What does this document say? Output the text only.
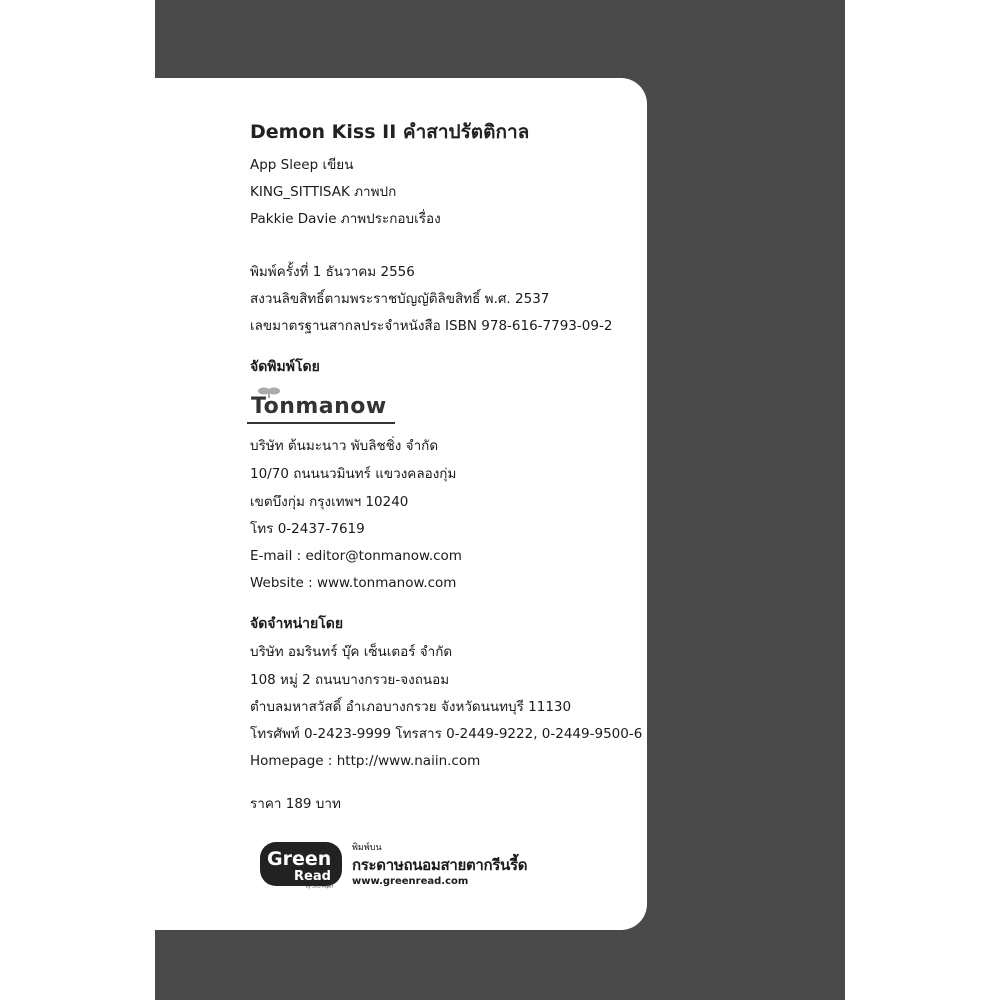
Demon Kiss II คำสาปรัตติกาล
App Sleep เขียน
KING_SITTISAK ภาพปก
Pakkie Davie ภาพประกอบเรื่อง
พิมพ์ครั้งที่ 1 ธันวาคม 2556
สงวนลิขสิทธิ์ตามพระราชบัญญัติลิขสิทธิ์ พ.ศ. 2537
เลขมาตรฐานสากลประจำหนังสือ ISBN 978-616-7793-09-2
จัดพิมพ์โดย
Tonmanow
บริษัท ต้นมะนาว พับลิชชิ่ง จำกัด
10/70 ถนนนวมินทร์ แขวงคลองกุ่ม
เขตบึงกุ่ม กรุงเทพฯ 10240
โทร 0-2437-7619
E-mail : editor@tonmanow.com
Website : www.tonmanow.com
จัดจำหน่ายโดย
บริษัท อมรินทร์ บุ๊ค เซ็นเตอร์ จำกัด
108 หมู่ 2 ถนนบางกรวย-จงถนอม
ตำบลมหาสวัสดิ์ อำเภอบางกรวย จังหวัดนนทบุรี 11130
โทรศัพท์ 0-2423-9999 โทรสาร 0-2449-9222, 0-2449-9500-6
Homepage : http://www.naiin.com
ราคา 189 บาท
Green
Read
by SCG Paper
พิมพ์บน
กระดาษถนอมสายตากรีนรี้ด
www.greenread.com
